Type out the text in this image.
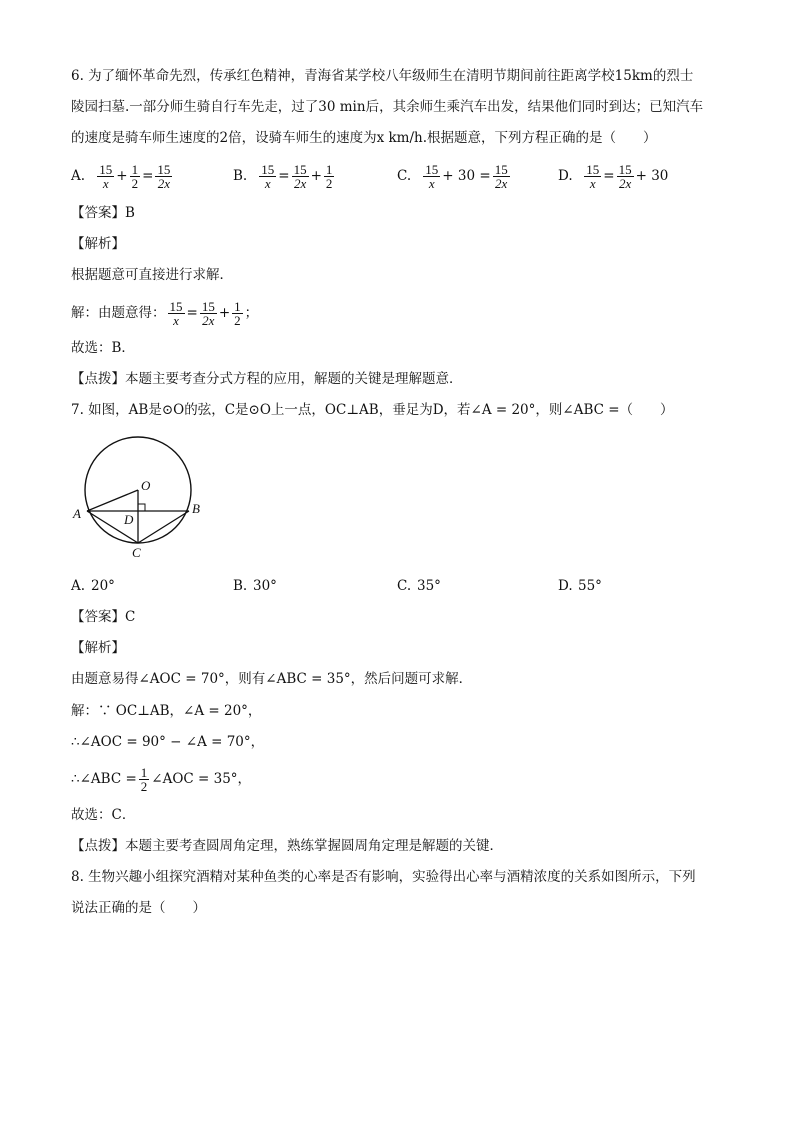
6. 为了缅怀革命先烈，传承红色精神，青海省某学校八年级师生在清明节期间前往距离学校15km的烈士
陵园扫墓.一部分师生骑自行车先走，过了30 min后，其余师生乘汽车出发，结果他们同时到达；已知汽车
的速度是骑车师生速度的2倍，设骑车师生的速度为x km/h.根据题意，下列方程正确的是（　　）
A. $\frac{15}{x} + \frac{1}{2} = \frac{15}{2x}$	B. $\frac{15}{x} = \frac{15}{2x} + \frac{1}{2}$	C. $\frac{15}{x} + 30 = \frac{15}{2x}$	D. $\frac{15}{x} = \frac{15}{2x} + 30$
【答案】B
【解析】
根据题意可直接进行求解．
解：由题意得： $\frac{15}{x} = \frac{15}{2x} + \frac{1}{2}$ ；
故选：B．
【点拨】本题主要考查分式方程的应用，解题的关键是理解题意．
7. 如图，AB是⊙O的弦，C是⊙O上一点，OC⊥AB，垂足为D，若∠A = 20°，则∠ABC =（　　）
O
A	B
C
D
A. 20°	B. 30°	C. 35°	D. 55°
【答案】C
【解析】
由题意易得∠AOC = 70°，则有∠ABC = 35°，然后问题可求解．
解：∵ OC⊥AB，∠A = 20°，
∴∠AOC = 90° − ∠A = 70°，
∴∠ABC = $\frac{1}{2}$ ∠AOC = 35°，
故选：C．
【点拨】本题主要考查圆周角定理，熟练掌握圆周角定理是解题的关键．
8. 生物兴趣小组探究酒精对某种鱼类的心率是否有影响，实验得出心率与酒精浓度的关系如图所示，下列
说法正确的是（　　）
